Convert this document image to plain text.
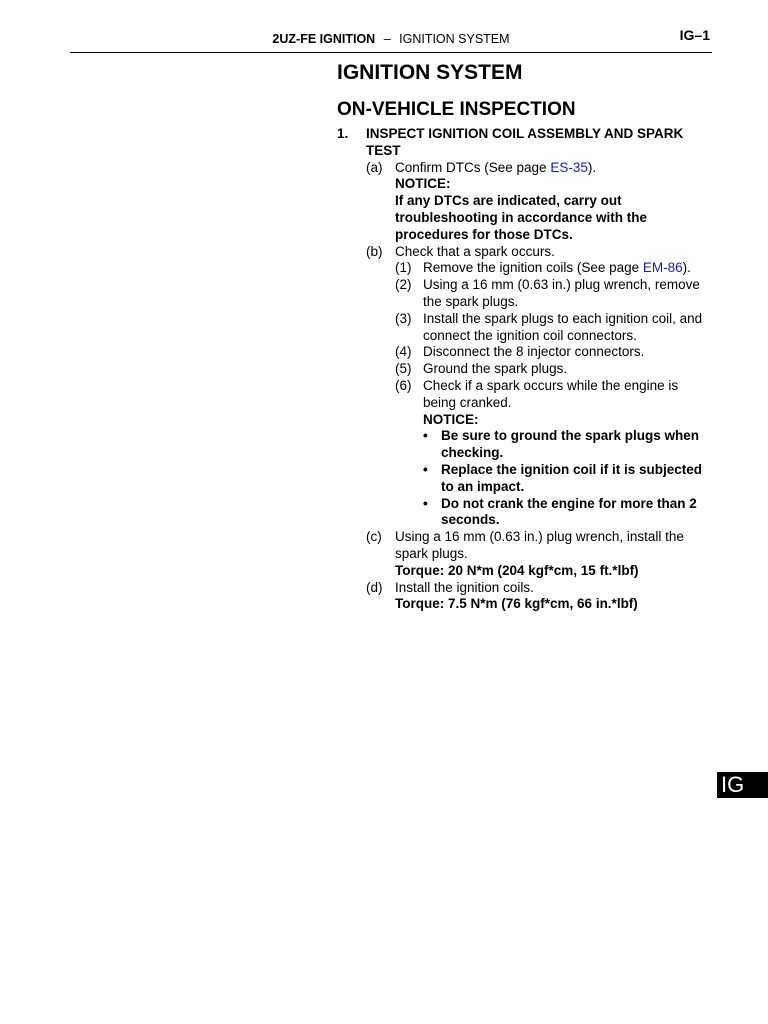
2UZ-FE IGNITION – IGNITION SYSTEM	IG–1
IGNITION SYSTEM
ON-VEHICLE INSPECTION
1.	INSPECT IGNITION COIL ASSEMBLY AND SPARK
TEST
(a) Confirm DTCs (See page ES-35).
NOTICE:
If any DTCs are indicated, carry out
troubleshooting in accordance with the
procedures for those DTCs.
(b) Check that a spark occurs.
(1) Remove the ignition coils (See page EM-86).
(2) Using a 16 mm (0.63 in.) plug wrench, remove
the spark plugs.
(3) Install the spark plugs to each ignition coil, and
connect the ignition coil connectors.
(4) Disconnect the 8 injector connectors.
(5) Ground the spark plugs.
(6) Check if a spark occurs while the engine is
being cranked.
NOTICE:
• Be sure to ground the spark plugs when
checking.
• Replace the ignition coil if it is subjected
to an impact.
• Do not crank the engine for more than 2
seconds.
(c) Using a 16 mm (0.63 in.) plug wrench, install the
spark plugs.
Torque: 20 N*m (204 kgf*cm, 15 ft.*lbf)
(d) Install the ignition coils.
Torque: 7.5 N*m (76 kgf*cm, 66 in.*lbf)
IG
